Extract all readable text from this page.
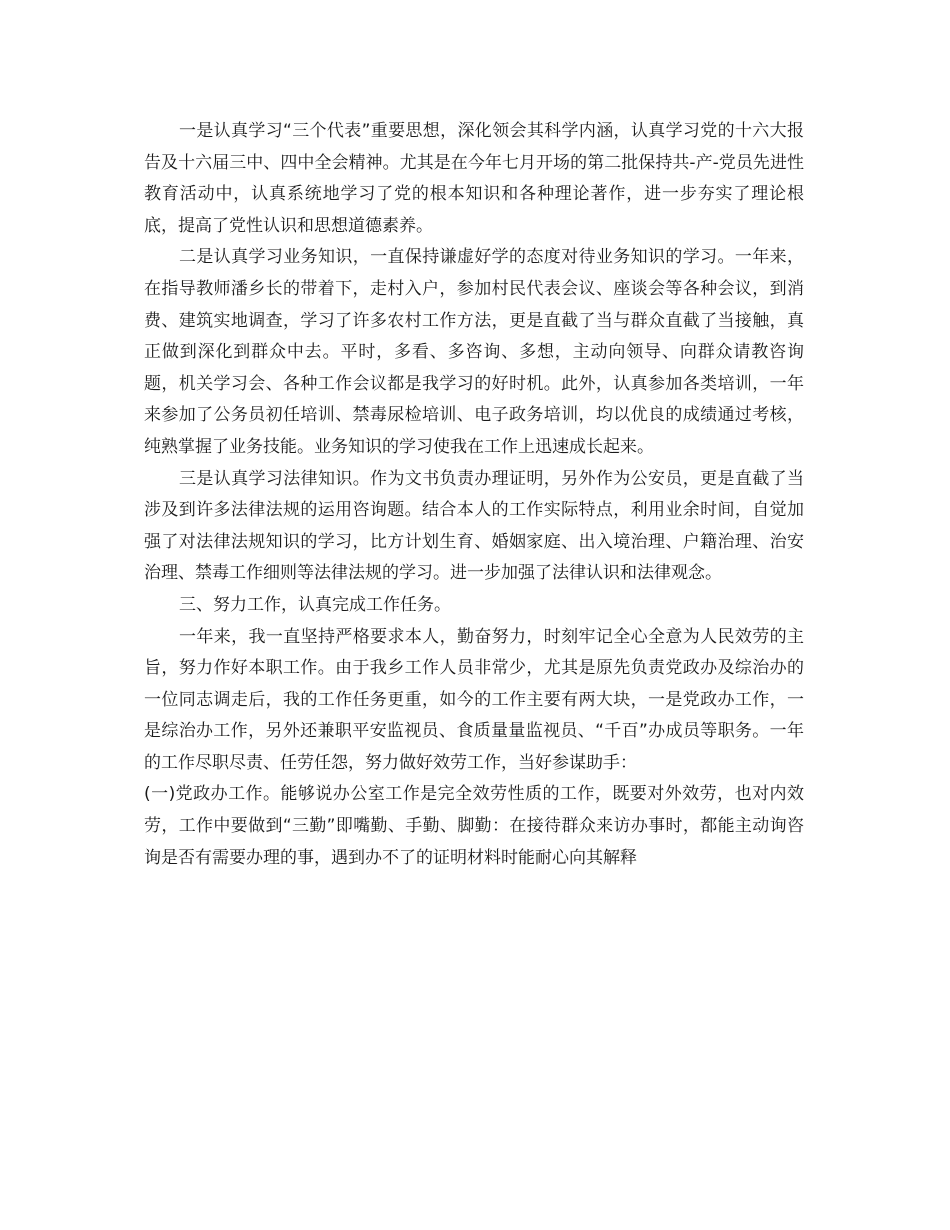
一是认真学习“三个代表”重要思想，深化领会其科学内涵，认真学习党的十六大报告及十六届三中、四中全会精神。尤其是在今年七月开场的第二批保持共-产-党员先进性教育活动中，认真系统地学习了党的根本知识和各种理论著作，进一步夯实了理论根底，提高了党性认识和思想道德素养。

二是认真学习业务知识，一直保持谦虚好学的态度对待业务知识的学习。一年来，在指导教师潘乡长的带着下，走村入户，参加村民代表会议、座谈会等各种会议，到消费、建筑实地调查，学习了许多农村工作方法，更是直截了当与群众直截了当接触，真正做到深化到群众中去。平时，多看、多咨询、多想，主动向领导、向群众请教咨询题，机关学习会、各种工作会议都是我学习的好时机。此外，认真参加各类培训，一年来参加了公务员初任培训、禁毒尿检培训、电子政务培训，均以优良的成绩通过考核，纯熟掌握了业务技能。业务知识的学习使我在工作上迅速成长起来。

三是认真学习法律知识。作为文书负责办理证明，另外作为公安员，更是直截了当涉及到许多法律法规的运用咨询题。结合本人的工作实际特点，利用业余时间，自觉加强了对法律法规知识的学习，比方计划生育、婚姻家庭、出入境治理、户籍治理、治安治理、禁毒工作细则等法律法规的学习。进一步加强了法律认识和法律观念。

三、努力工作，认真完成工作任务。

一年来，我一直坚持严格要求本人，勤奋努力，时刻牢记全心全意为人民效劳的主旨，努力作好本职工作。由于我乡工作人员非常少，尤其是原先负责党政办及综治办的一位同志调走后，我的工作任务更重，如今的工作主要有两大块，一是党政办工作，一是综治办工作，另外还兼职平安监视员、食质量量监视员、“千百”办成员等职务。一年的工作尽职尽责、任劳任怨，努力做好效劳工作，当好参谋助手：

(一)党政办工作。能够说办公室工作是完全效劳性质的工作，既要对外效劳，也对内效劳，工作中要做到“三勤”即嘴勤、手勤、脚勤：在接待群众来访办事时，都能主动询咨询是否有需要办理的事，遇到办不了的证明材料时能耐心向其解释
